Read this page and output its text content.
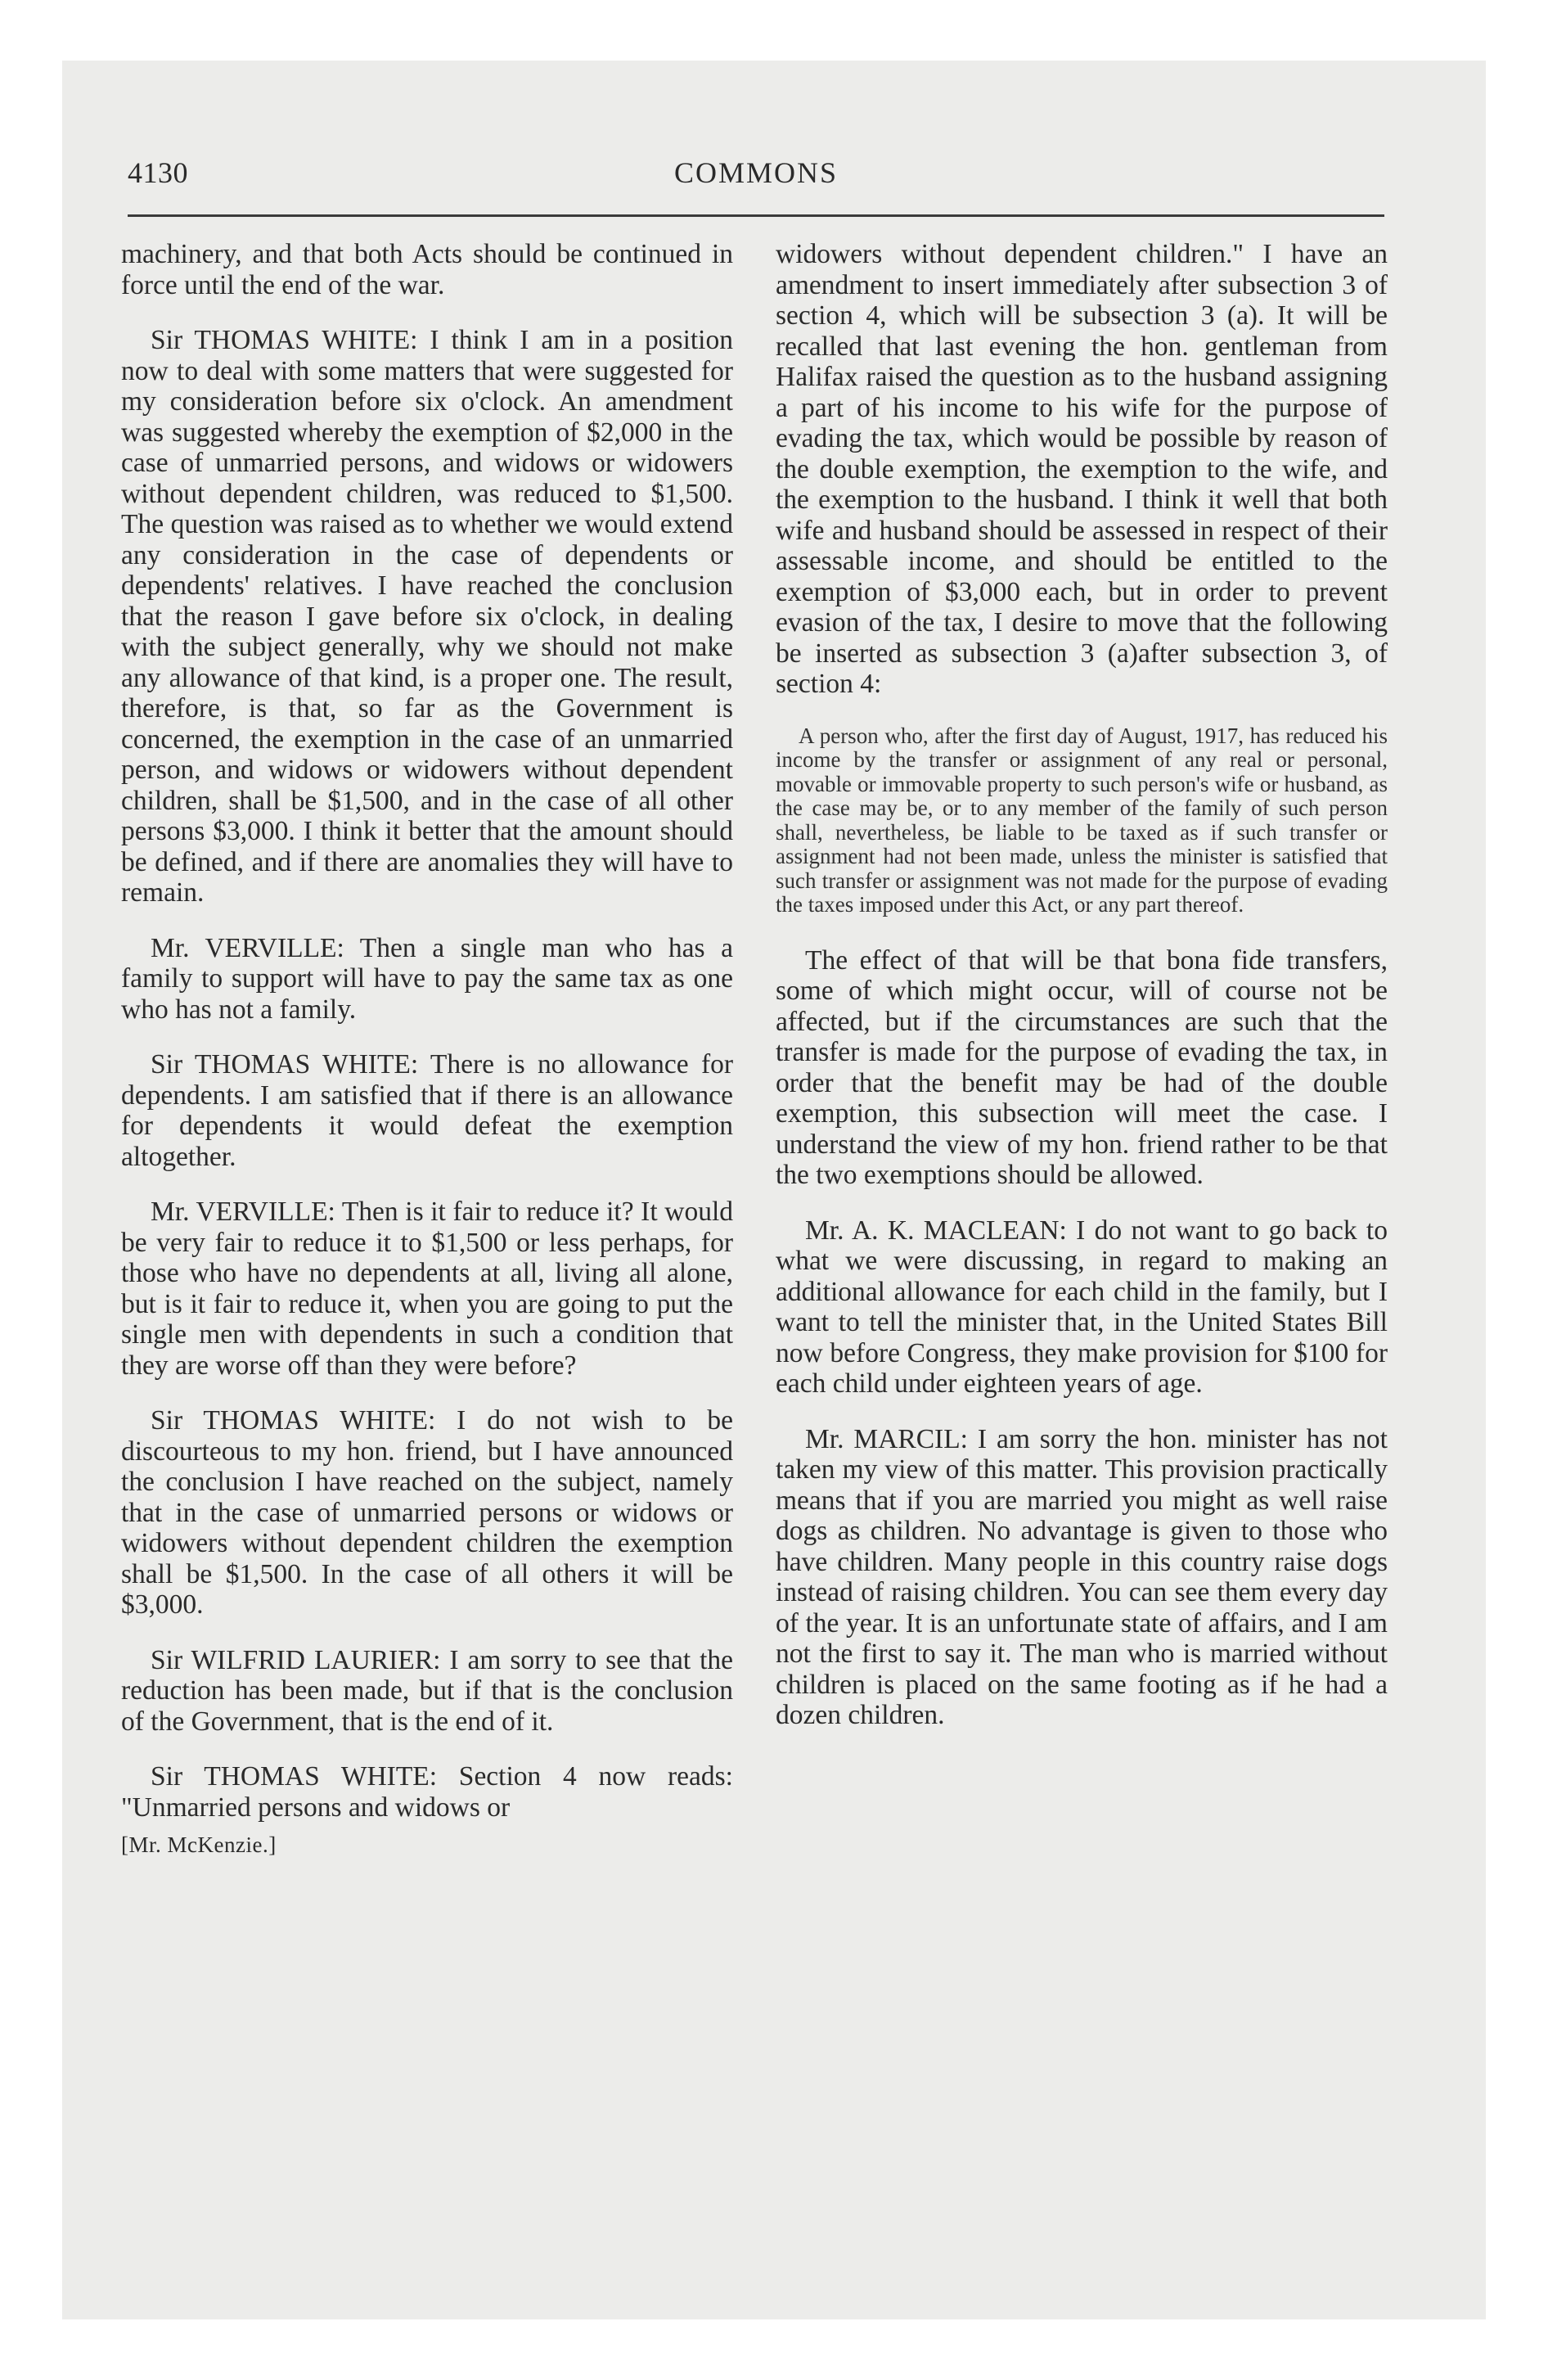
4130	COMMONS

machinery, and that both Acts should be continued in force until the end of the war.

Sir THOMAS WHITE: I think I am in a position now to deal with some matters that were suggested for my consideration before six o'clock. An amendment was suggested whereby the exemption of $2,000 in the case of unmarried persons, and widows or widowers without dependent children, was reduced to $1,500. The question was raised as to whether we would extend any consideration in the case of dependents or dependents' relatives. I have reached the conclusion that the reason I gave before six o'clock, in dealing with the subject generally, why we should not make any allowance of that kind, is a proper one. The result, therefore, is that, so far as the Government is concerned, the exemption in the case of an unmarried person, and widows or widowers without dependent children, shall be $1,500, and in the case of all other persons $3,000. I think it better that the amount should be defined, and if there are anomalies they will have to remain.

Mr. VERVILLE: Then a single man who has a family to support will have to pay the same tax as one who has not a family.

Sir THOMAS WHITE: There is no allowance for dependents. I am satisfied that if there is an allowance for dependents it would defeat the exemption altogether.

Mr. VERVILLE: Then is it fair to reduce it? It would be very fair to reduce it to $1,500 or less perhaps, for those who have no dependents at all, living all alone, but is it fair to reduce it, when you are going to put the single men with dependents in such a condition that they are worse off than they were before?

Sir THOMAS WHITE: I do not wish to be discourteous to my hon. friend, but I have announced the conclusion I have reached on the subject, namely that in the case of unmarried persons or widows or widowers without dependent children the exemption shall be $1,500. In the case of all others it will be $3,000.

Sir WILFRID LAURIER: I am sorry to see that the reduction has been made, but if that is the conclusion of the Government, that is the end of it.

Sir THOMAS WHITE: Section 4 now reads: "Unmarried persons and widows or

[Mr. McKenzie.]

widowers without dependent children." I have an amendment to insert immediately after subsection 3 of section 4, which will be subsection 3 (a). It will be recalled that last evening the hon. gentleman from Halifax raised the question as to the husband assigning a part of his income to his wife for the purpose of evading the tax, which would be possible by reason of the double exemption, the exemption to the wife, and the exemption to the husband. I think it well that both wife and husband should be assessed in respect of their assessable income, and should be entitled to the exemption of $3,000 each, but in order to prevent evasion of the tax, I desire to move that the following be inserted as subsection 3 (a)after subsection 3, of section 4:

A person who, after the first day of August, 1917, has reduced his income by the transfer or assignment of any real or personal, movable or immovable property to such person's wife or husband, as the case may be, or to any member of the family of such person shall, nevertheless, be liable to be taxed as if such transfer or assignment had not been made, unless the minister is satisfied that such transfer or assignment was not made for the purpose of evading the taxes imposed under this Act, or any part thereof.

The effect of that will be that bona fide transfers, some of which might occur, will of course not be affected, but if the circumstances are such that the transfer is made for the purpose of evading the tax, in order that the benefit may be had of the double exemption, this subsection will meet the case. I understand the view of my hon. friend rather to be that the two exemptions should be allowed.

Mr. A. K. MACLEAN: I do not want to go back to what we were discussing, in regard to making an additional allowance for each child in the family, but I want to tell the minister that, in the United States Bill now before Congress, they make provision for $100 for each child under eighteen years of age.

Mr. MARCIL: I am sorry the hon. minister has not taken my view of this matter. This provision practically means that if you are married you might as well raise dogs as children. No advantage is given to those who have children. Many people in this country raise dogs instead of raising children. You can see them every day of the year. It is an unfortunate state of affairs, and I am not the first to say it. The man who is married without children is placed on the same footing as if he had a dozen children.
